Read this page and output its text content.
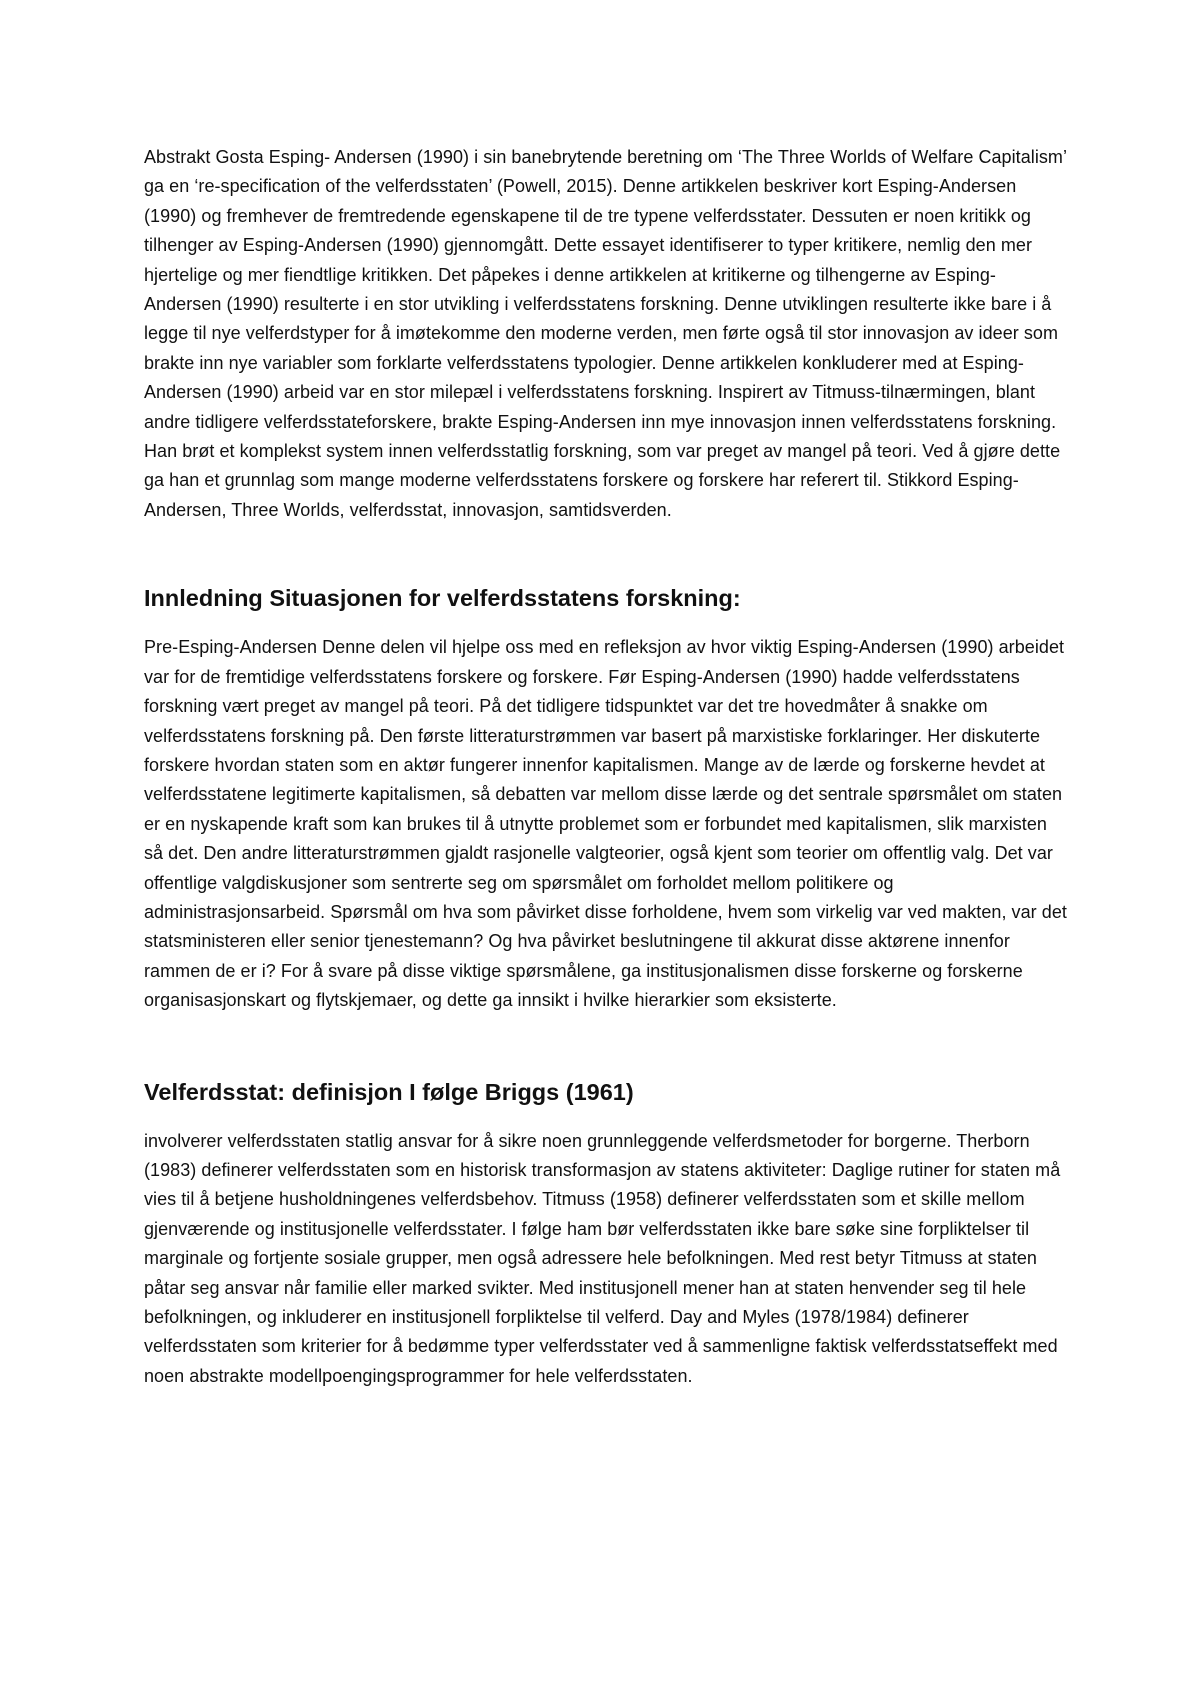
Abstrakt Gosta Esping- Andersen (1990) i sin banebrytende beretning om ‘The Three Worlds of Welfare Capitalism’ ga en ‘re-specification of the velferdsstaten’ (Powell, 2015). Denne artikkelen beskriver kort Esping-Andersen (1990) og fremhever de fremtredende egenskapene til de tre typene velferdsstater. Dessuten er noen kritikk og tilhenger av Esping-Andersen (1990) gjennomgått. Dette essayet identifiserer to typer kritikere, nemlig den mer hjertelige og mer fiendtlige kritikken. Det påpekes i denne artikkelen at kritikerne og tilhengerne av Esping-Andersen (1990) resulterte i en stor utvikling i velferdsstatens forskning. Denne utviklingen resulterte ikke bare i å legge til nye velferdstyper for å imøtekomme den moderne verden, men førte også til stor innovasjon av ideer som brakte inn nye variabler som forklarte velferdsstatens typologier. Denne artikkelen konkluderer med at Esping-Andersen (1990) arbeid var en stor milepæl i velferdsstatens forskning. Inspirert av Titmuss-tilnærmingen, blant andre tidligere velferdsstateforskere, brakte Esping-Andersen inn mye innovasjon innen velferdsstatens forskning. Han brøt et komplekst system innen velferdsstatlig forskning, som var preget av mangel på teori. Ved å gjøre dette ga han et grunnlag som mange moderne velferdsstatens forskere og forskere har referert til. Stikkord Esping-Andersen, Three Worlds, velferdsstat, innovasjon, samtidsverden.

Innledning Situasjonen for velferdsstatens forskning:

Pre-Esping-Andersen Denne delen vil hjelpe oss med en refleksjon av hvor viktig Esping-Andersen (1990) arbeidet var for de fremtidige velferdsstatens forskere og forskere. Før Esping-Andersen (1990) hadde velferdsstatens forskning vært preget av mangel på teori. På det tidligere tidspunktet var det tre hovedmåter å snakke om velferdsstatens forskning på. Den første litteraturstrømmen var basert på marxistiske forklaringer. Her diskuterte forskere hvordan staten som en aktør fungerer innenfor kapitalismen. Mange av de lærde og forskerne hevdet at velferdsstatene legitimerte kapitalismen, så debatten var mellom disse lærde og det sentrale spørsmålet om staten er en nyskapende kraft som kan brukes til å utnytte problemet som er forbundet med kapitalismen, slik marxisten så det. Den andre litteraturstrømmen gjaldt rasjonelle valgteorier, også kjent som teorier om offentlig valg. Det var offentlige valgdiskusjoner som sentrerte seg om spørsmålet om forholdet mellom politikere og administrasjonsarbeid. Spørsmål om hva som påvirket disse forholdene, hvem som virkelig var ved makten, var det statsministeren eller senior tjenestemann? Og hva påvirket beslutningene til akkurat disse aktørene innenfor rammen de er i? For å svare på disse viktige spørsmålene, ga institusjonalismen disse forskerne og forskerne organisasjonskart og flytskjemaer, og dette ga innsikt i hvilke hierarkier som eksisterte.

Velferdsstat: definisjon I følge Briggs (1961)

involverer velferdsstaten statlig ansvar for å sikre noen grunnleggende velferdsmetoder for borgerne. Therborn (1983) definerer velferdsstaten som en historisk transformasjon av statens aktiviteter: Daglige rutiner for staten må vies til å betjene husholdningenes velferdsbehov. Titmuss (1958) definerer velferdsstaten som et skille mellom gjenværende og institusjonelle velferdsstater. I følge ham bør velferdsstaten ikke bare søke sine forpliktelser til marginale og fortjente sosiale grupper, men også adressere hele befolkningen. Med rest betyr Titmuss at staten påtar seg ansvar når familie eller marked svikter. Med institusjonell mener han at staten henvender seg til hele befolkningen, og inkluderer en institusjonell forpliktelse til velferd. Day and Myles (1978/1984) definerer velferdsstaten som kriterier for å bedømme typer velferdsstater ved å sammenligne faktisk velferdsstatseffekt med noen abstrakte modellpoengingsprogrammer for hele velferdsstaten.
